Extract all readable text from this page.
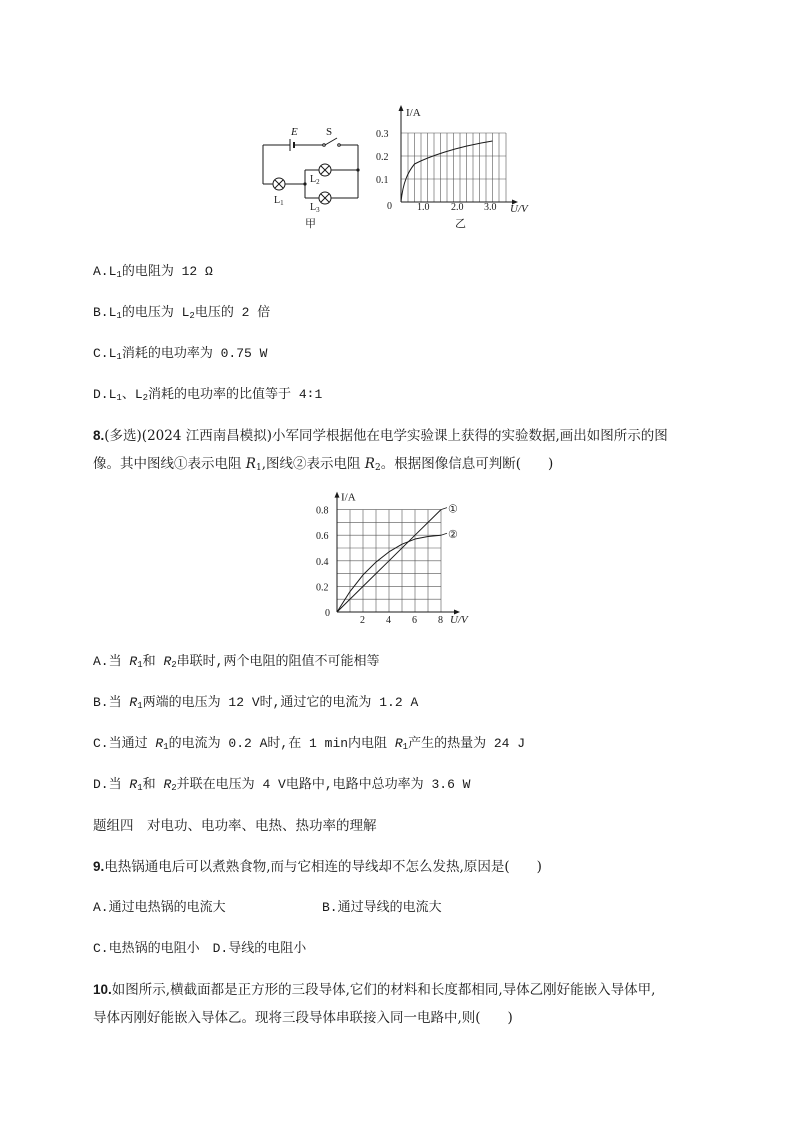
E	S
$L_1$
$L_2$
$L_3$
甲
I/A
0.3
0.2
0.1
0	1.0 2.0 3.0 U/V
乙
$A.L_1$的电阻为 12 Ω
$B.L_1$的电压为 $L_2$电压的 2 倍
$C.L_1$消耗的电功率为 0.75 W
$D.L_1$、$L_2$消耗的电功率的比值等于 4∶1
8.(多选)(2024 江西南昌模拟)小军同学根据他在电学实验课上获得的实验数据,画出如图所示的图
像。其中图线①表示电阻 $R_1$,图线②表示电阻 $R_2$。根据图像信息可判断(　　)
①
②
2 4 6 8
0
0.2
0.4
0.6
0.8
I/A
U/V
A.当 $R_1$和 $R_2$串联时,两个电阻的阻值不可能相等
B.当 $R_1$两端的电压为 12 V时,通过它的电流为 1.2 A
C.当通过 $R_1$的电流为 0.2 A时,在 1 min内电阻 $R_1$产生的热量为 24 J
D.当 $R_1$和 $R_2$并联在电压为 4 V电路中,电路中总功率为 3.6 W
题组四　对电功、电功率、电热、热功率的理解
9.电热锅通电后可以煮熟食物,而与它相连的导线却不怎么发热,原因是(　　)
A.通过电热锅的电流大	B.通过导线的电流大
C.电热锅的电阻小　D.导线的电阻小
10.如图所示,横截面都是正方形的三段导体,它们的材料和长度都相同,导体乙刚好能嵌入导体甲,
导体丙刚好能嵌入导体乙。现将三段导体串联接入同一电路中,则(　　)
